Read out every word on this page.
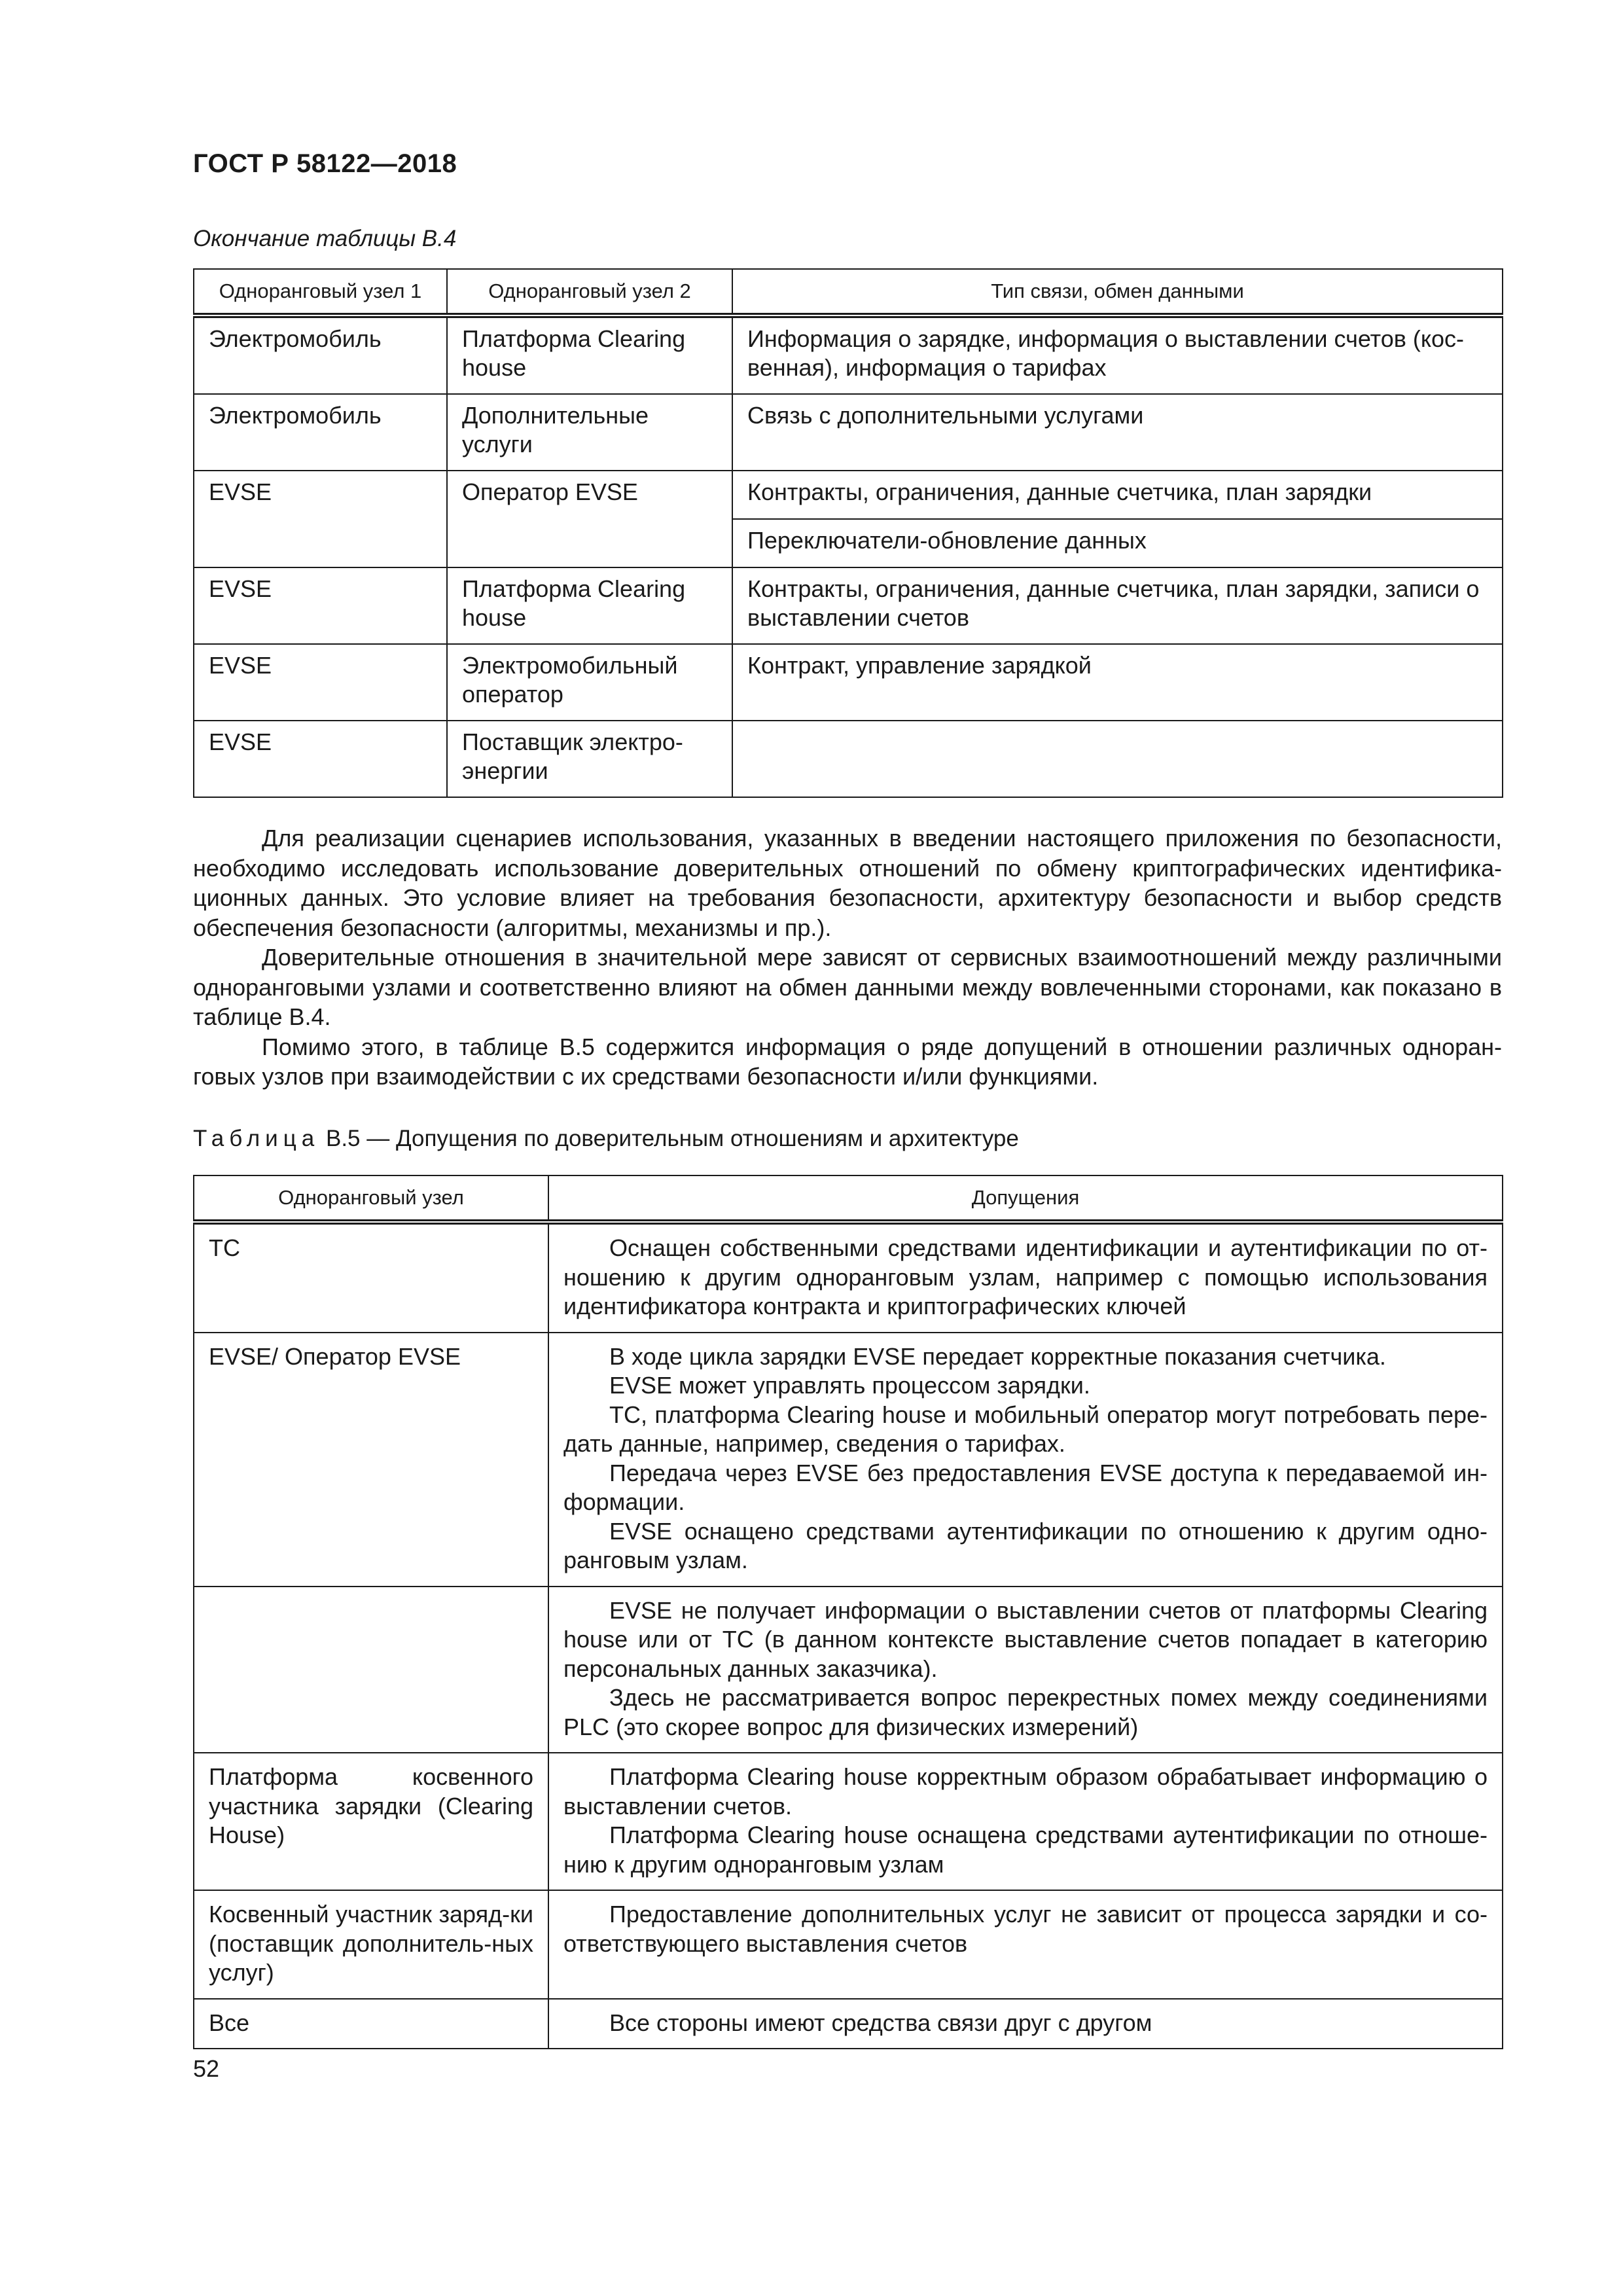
ГОСТ Р 58122—2018
Окончание таблицы В.4
Одноранговый узел 1	Одноранговый узел 2	Тип связи, обмен данными
Электромобиль	Платформа Clearing house	Информация о зарядке, информация о выставлении счетов (кос-венная), информация о тарифах
Электромобиль	Дополнительные услуги	Связь с дополнительными услугами
EVSE	Оператор EVSE	Контракты, ограничения, данные счетчика, план зарядки
		Переключатели-обновление данных
EVSE	Платформа Clearing house	Контракты, ограничения, данные счетчика, план зарядки, записи о выставлении счетов
EVSE	Электромобильный оператор	Контракт, управление зарядкой
EVSE	Поставщик электро-энергии	

Для реализации сценариев использования, указанных в введении настоящего приложения по безопасности, необходимо исследовать использование доверительных отношений по обмену криптографических идентифика-ционных данных. Это условие влияет на требования безопасности, архитектуру безопасности и выбор средств обеспечения безопасности (алгоритмы, механизмы и пр.).

Доверительные отношения в значительной мере зависят от сервисных взаимоотношений между различными одноранговыми узлами и соответственно влияют на обмен данными между вовлеченными сторонами, как показано в таблице В.4.

Помимо этого, в таблице В.5 содержится информация о ряде допущений в отношении различных однoран-говых узлов при взаимодействии с их средствами безопасности и/или функциями.

Таблица В.5 — Допущения по доверительным отношениям и архитектуре
Одноранговый узел	Допущения
ТС	Оснащен собственными средствами идентификации и аутентификации по от-ношению к другим одноранговым узлам, например с помощью использования идентификатора контракта и криптографических ключей

EVSE/ Оператор EVSE	В ходе цикла зарядки EVSE передает корректные показания счетчика.

EVSE может управлять процессом зарядки.

ТС, платформа Clearing house и мобильный оператор могут потребовать пере-дать данные, например, сведения о тарифах.

Передача через EVSE без предоставления EVSE доступа к передаваемой ин-формации.

EVSE оснащено средствами аутентификации по отношению к другим одно-ранговым узлам.

	EVSE не получает информации о выставлении счетов от платформы Clearing house или от ТС (в данном контексте выставление счетов попадает в категорию персональных данных заказчика).

Здесь не рассматривается вопрос перекрестных помех между соединениями PLC (это скорее вопрос для физических измерений)

Платформа косвенного участника зарядки (Clearing House)	Платформа Clearing house корректным образом обрабатывает информацию о выставлении счетов.

Платформа Clearing house оснащена средствами аутентификации по отноше-нию к другим одноранговым узлам

Косвенный участник заряд-ки (поставщик дополнитель-ных услуг)	Предоставление дополнительных услуг не зависит от процесса зарядки и со-ответствующего выставления счетов

Все	Все стороны имеют средства связи друг с другом

52
